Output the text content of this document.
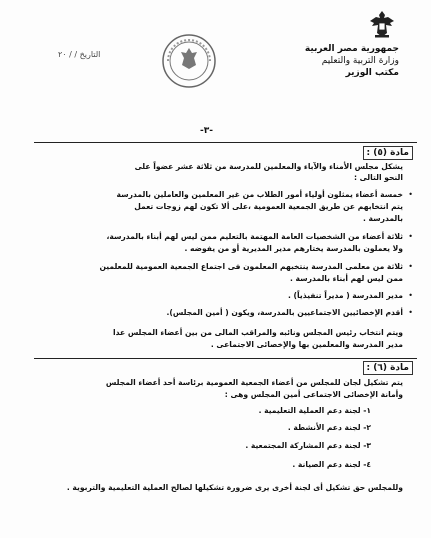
جمهورية مصر العربية
وزارة التربية والتعليم
مكتب الوزير
التاريخ / / ٢٠
-٣-
مادة (٥) :
يشكل مجلس الأمناء والآباء والمعلمين للمدرسة من ثلاثة عشر عضواً على
النحو التالى :
•
خمسة أعضاء يمثلون أولياء أمور الطلاب من غير المعلمين والعاملين بالمدرسة
يتم انتخابهم عن طريق الجمعية العمومية ،على ألا تكون لهم زوجات تعمل
بالمدرسة .
•
ثلاثة أعضاء من الشخصيات العامة المهتمة بالتعليم ممن ليس لهم أبناء بالمدرسة،
ولا يعملون بالمدرسة يختارهم مدير المديرية أو من يفوضه .
•
ثلاثة من معلمى المدرسة ينتخبهم المعلمون فى اجتماع الجمعية العمومية للمعلمين
ممن ليس لهم أبناء بالمدرسة .
•
مدير المدرسة ( مديراً تنفيذياً) .
•
أقدم الإخصائيين الاجتماعيين بالمدرسة، ويكون ( أمين المجلس).
ويتم انتخاب رئيس المجلس ونائبه والمراقب المالى من بين أعضاء المجلس عدا
مدير المدرسة والمعلمين بها والإخصائى الاجتماعى .
مادة (٦) :
يتم تشكيل لجان للمجلس من أعضاء الجمعية العمومية برئاسة أحد أعضاء المجلس
وأمانة الإخصائى الاجتماعى أمين المجلس وهى :
١- لجنة دعم العملية التعليمية .
٢- لجنة دعم الأنشطة .
٣- لجنة دعم المشاركة المجتمعية .
٤- لجنة دعم الصيانة .
وللمجلس حق تشكيل أى لجنة أخرى يرى ضرورة تشكيلها لصالح العملية التعليمية والتربوية .
